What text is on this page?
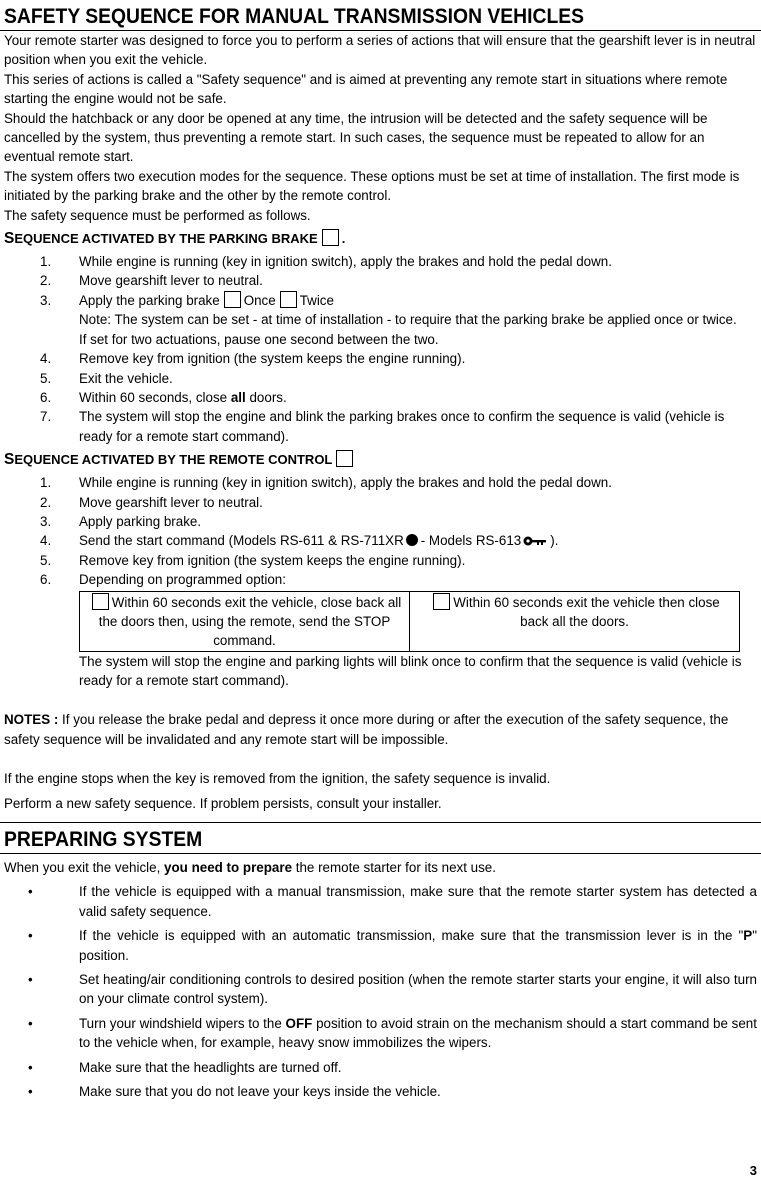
SAFETY SEQUENCE FOR MANUAL TRANSMISSION VEHICLES

Your remote starter was designed to force you to perform a series of actions that will ensure that the gearshift lever is in neutral position when you exit the vehicle.

This series of actions is called a "Safety sequence" and is aimed at preventing any remote start in situations where remote starting the engine would not be safe.

Should the hatchback or any door be opened at any time, the intrusion will be detected and the safety sequence will be cancelled by the system, thus preventing a remote start. In such cases, the sequence must be repeated to allow for an eventual remote start.

The system offers two execution modes for the sequence. These options must be set at time of installation. The first mode is initiated by the parking brake and the other by the remote control.

The safety sequence must be performed as follows.

SEQUENCE ACTIVATED BY THE PARKING BRAKE .
1.	While engine is running (key in ignition switch), apply the brakes and hold the pedal down.
2.	Move gearshift lever to neutral.
3.	Apply the parking brake Once Twice
Note: The system can be set - at time of installation - to require that the parking brake be applied once or twice.
If set for two actuations, pause one second between the two.
4.	Remove key from ignition (the system keeps the engine running).
5.	Exit the vehicle.
6.	Within 60 seconds, close all doors.
7.	The system will stop the engine and blink the parking brakes once to confirm the sequence is valid (vehicle is ready for a remote start command).
SEQUENCE ACTIVATED BY THE REMOTE CONTROL
1.	While engine is running (key in ignition switch), apply the brakes and hold the pedal down.
2.	Move gearshift lever to neutral.
3.	Apply parking brake.
4.	Send the start command (Models RS-611 & RS-711XR - Models RS-613 ).
5.	Remove key from ignition (the system keeps the engine running).
6.	Depending on programmed option:
Within 60 seconds exit the vehicle, close back all the doors then, using the remote, send the STOP command.	Within 60 seconds exit the vehicle then close back all the doors.

The system will stop the engine and parking lights will blink once to confirm that the sequence is valid (vehicle is ready for a remote start command).

NOTES : If you release the brake pedal and depress it once more during or after the execution of the safety sequence, the safety sequence will be invalidated and any remote start will be impossible.

If the engine stops when the key is removed from the ignition, the safety sequence is invalid.

Perform a new safety sequence. If problem persists, consult your installer.

PREPARING SYSTEM

When you exit the vehicle, you need to prepare the remote starter for its next use.

•	If the vehicle is equipped with a manual transmission, make sure that the remote starter system has detected a valid safety sequence.
•	If the vehicle is equipped with an automatic transmission, make sure that the transmission lever is in the "P" position.
•	Set heating/air conditioning controls to desired position (when the remote starter starts your engine, it will also turn on your climate control system).
•	Turn your windshield wipers to the OFF position to avoid strain on the mechanism should a start command be sent to the vehicle when, for example, heavy snow immobilizes the wipers.
•	Make sure that the headlights are turned off.
•	Make sure that you do not leave your keys inside the vehicle.
3
